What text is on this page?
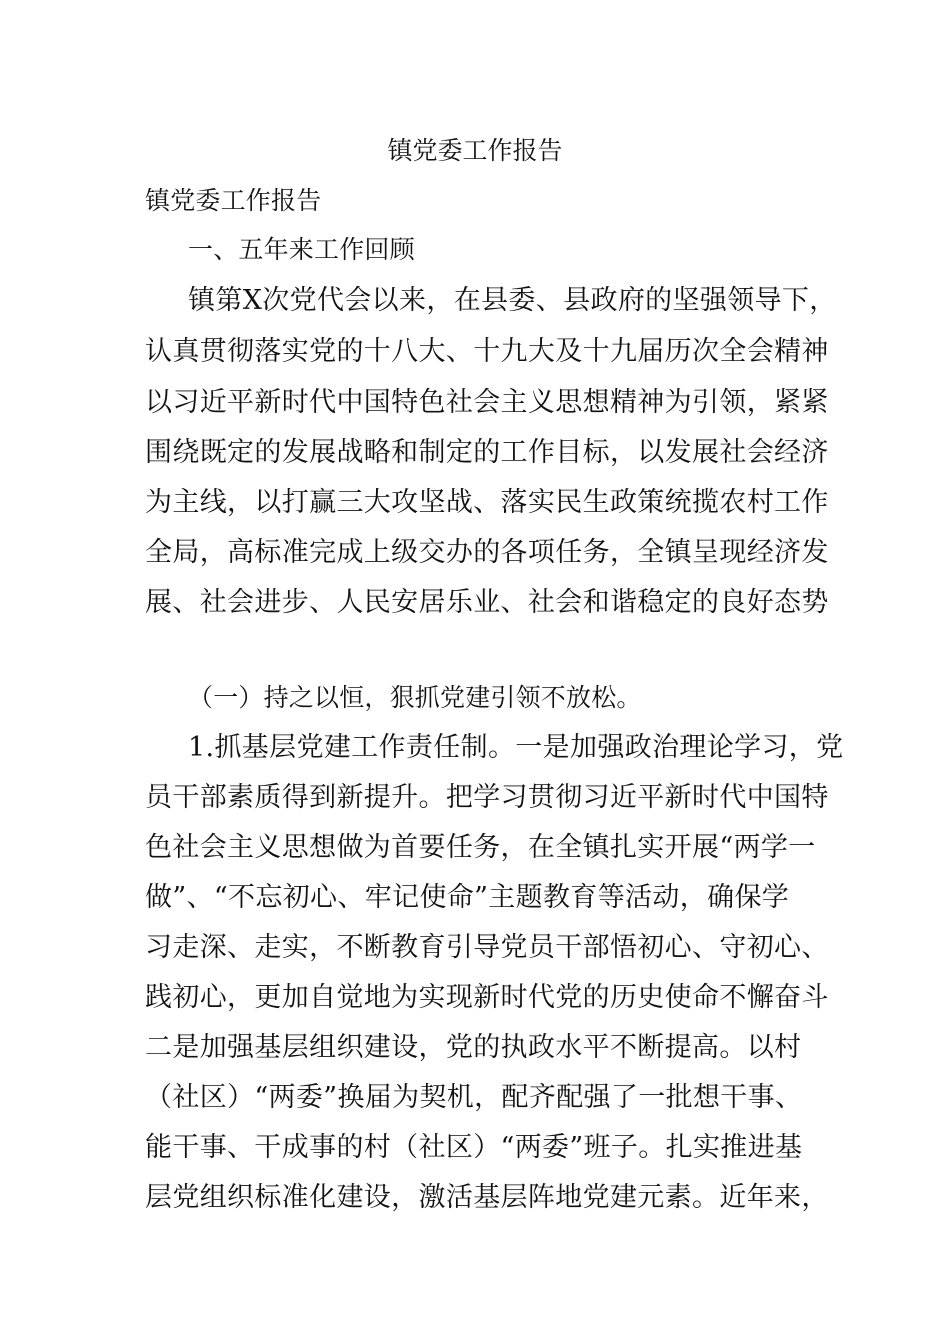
镇党委工作报告
镇党委工作报告
一、五年来工作回顾
镇第X次党代会以来，在县委、县政府的坚强领导下，
认真贯彻落实党的十八大、十九大及十九届历次全会精神
以习近平新时代中国特色社会主义思想精神为引领，紧紧
围绕既定的发展战略和制定的工作目标，以发展社会经济
为主线，以打赢三大攻坚战、落实民生政策统揽农村工作
全局，高标准完成上级交办的各项任务，全镇呈现经济发
展、社会进步、人民安居乐业、社会和谐稳定的良好态势
（一）持之以恒，狠抓党建引领不放松。
1.抓基层党建工作责任制。一是加强政治理论学习，党
员干部素质得到新提升。把学习贯彻习近平新时代中国特
色社会主义思想做为首要任务，在全镇扎实开展“两学一
做”、“不忘初心、牢记使命”主题教育等活动，确保学
习走深、走实，不断教育引导党员干部悟初心、守初心、
践初心，更加自觉地为实现新时代党的历史使命不懈奋斗
二是加强基层组织建设，党的执政水平不断提高。以村
（社区）“两委”换届为契机，配齐配强了一批想干事、
能干事、干成事的村（社区）“两委”班子。扎实推进基
层党组织标准化建设，激活基层阵地党建元素。近年来，
